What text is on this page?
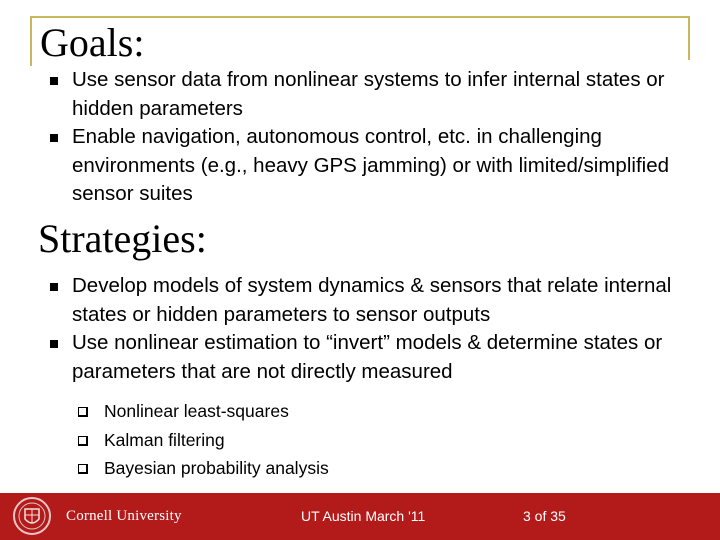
Goals:
Use sensor data from nonlinear systems to infer internal states or hidden parameters
Enable navigation, autonomous control, etc. in challenging environments (e.g., heavy GPS jamming) or with limited/simplified sensor suites
Strategies:
Develop models of system dynamics & sensors that relate internal states or hidden parameters to sensor outputs
Use nonlinear estimation to “invert” models & determine states or parameters that are not directly measured
Nonlinear least-squares
Kalman filtering
Bayesian probability analysis
Cornell University	UT Austin March '11	3 of 35
